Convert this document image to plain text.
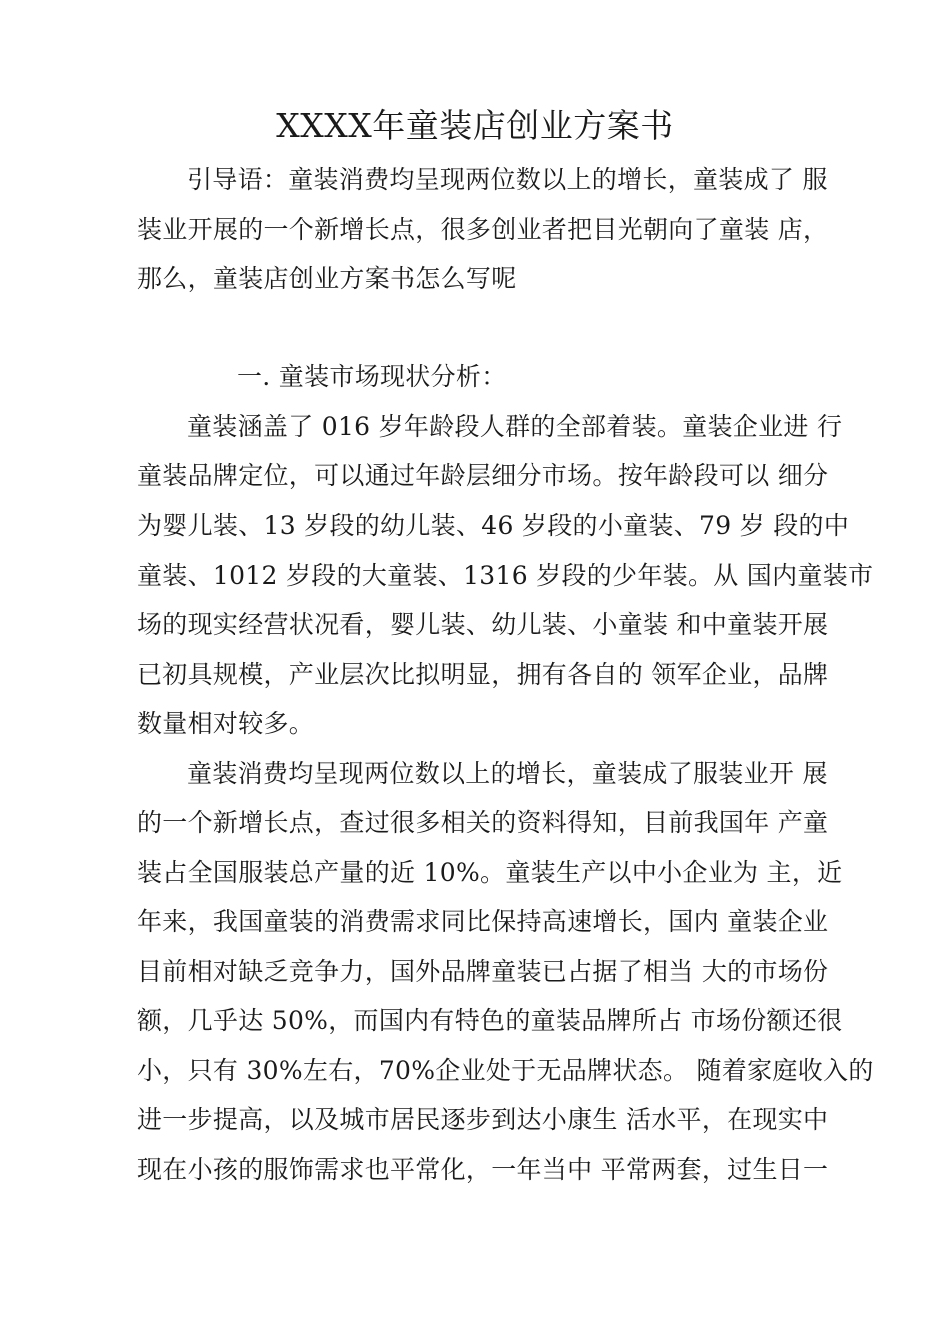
XXXX年童装店创业方案书
引导语：童装消费均呈现两位数以上的增长，童装成了 服
装业开展的一个新增长点，很多创业者把目光朝向了童装 店，
那么，童装店创业方案书怎么写呢
一. 童装市场现状分析：
童装涵盖了 016 岁年龄段人群的全部着装。童装企业进 行
童装品牌定位，可以通过年龄层细分市场。按年龄段可以 细分
为婴儿装、13 岁段的幼儿装、46 岁段的小童装、79 岁 段的中
童装、1012 岁段的大童装、1316 岁段的少年装。从 国内童装市
场的现实经营状况看，婴儿装、幼儿装、小童装 和中童装开展
已初具规模，产业层次比拟明显，拥有各自的 领军企业，品牌
数量相对较多。
童装消费均呈现两位数以上的增长，童装成了服装业开 展
的一个新增长点，查过很多相关的资料得知，目前我国年 产童
装占全国服装总产量的近 10%。童装生产以中小企业为 主，近
年来，我国童装的消费需求同比保持高速增长，国内 童装企业
目前相对缺乏竞争力，国外品牌童装已占据了相当 大的市场份
额，几乎达 50%，而国内有特色的童装品牌所占 市场份额还很
小，只有 30%左右，70%企业处于无品牌状态。 随着家庭收入的
进一步提高，以及城市居民逐步到达小康生 活水平，在现实中
现在小孩的服饰需求也平常化，一年当中 平常两套，过生日一
